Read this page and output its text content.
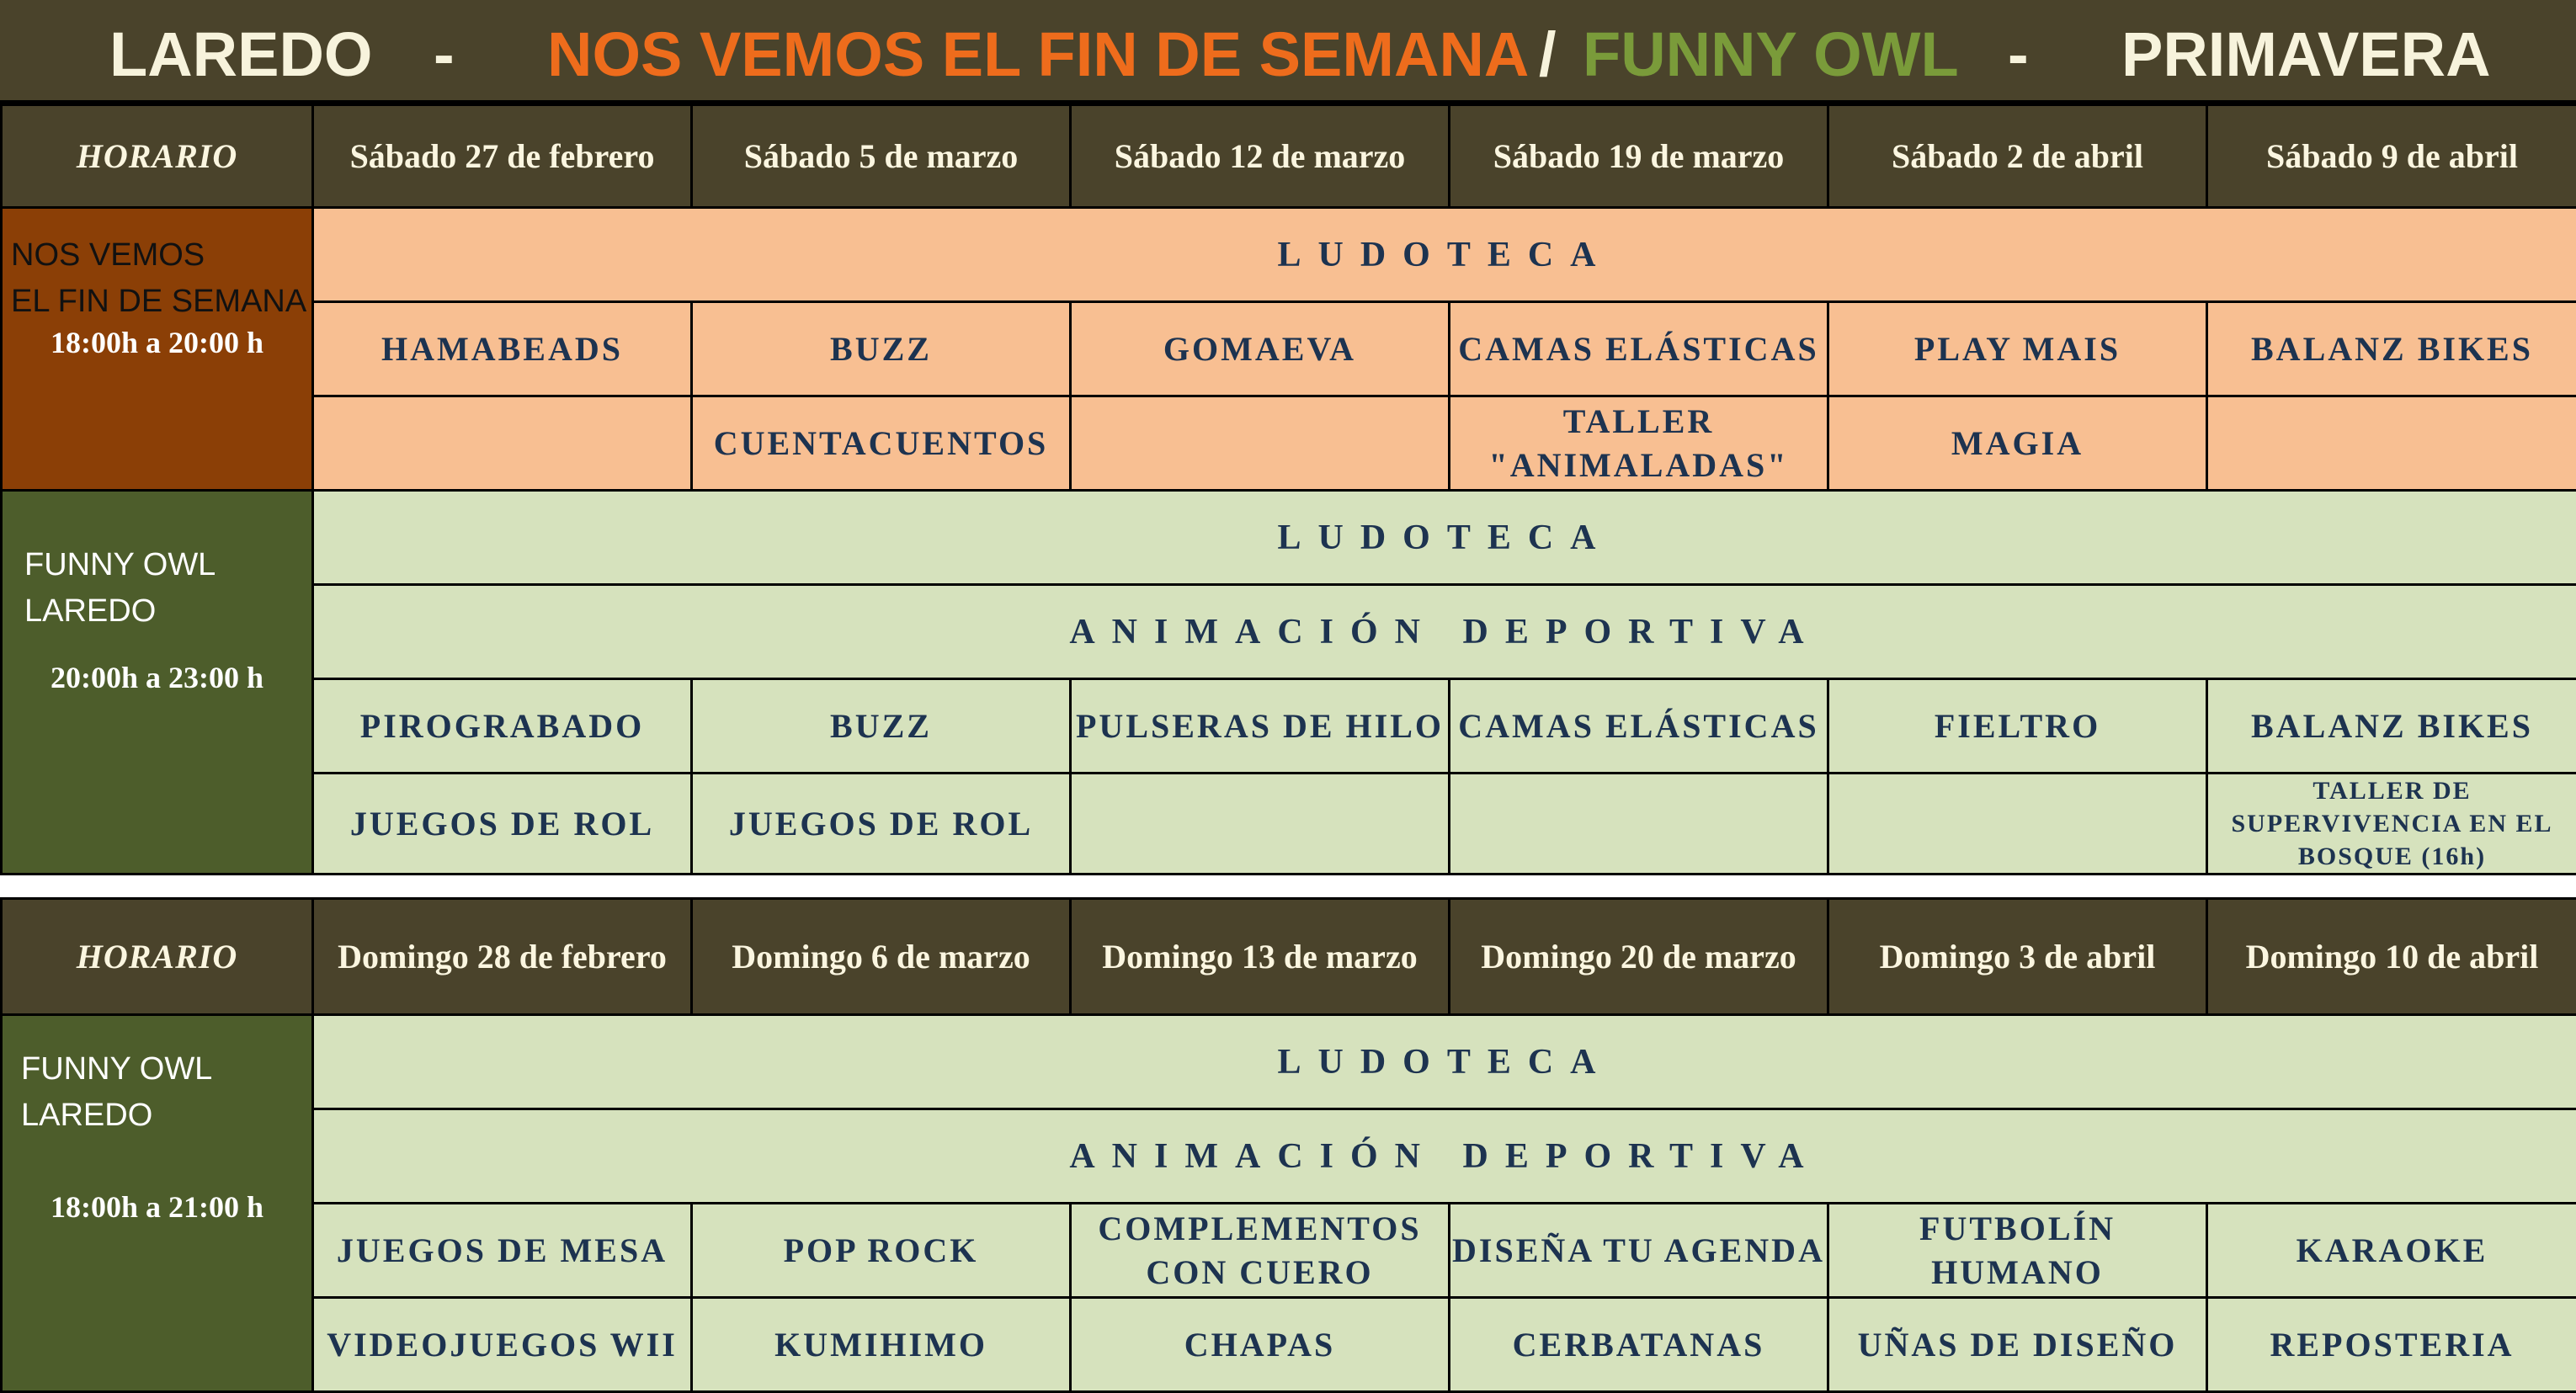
LAREDO - NOS VEMOS EL FIN DE SEMANA / FUNNY OWL - PRIMAVERA
HORARIO	Sábado 27 de febrero	Sábado 5 de marzo	Sábado 12 de marzo	Sábado 19 de marzo	Sábado 2 de abril	Sábado 9 de abril

NOS VEMOS
EL FIN DE SEMANA
18:00h a 20:00 h	LUDOTECA					
	HAMABEADS	BUZZ	GOMAEVA	CAMAS ELÁSTICAS	PLAY MAIS	BALANZ BIKES
		CUENTACUENTOS		TALLER "ANIMALADAS"	MAGIA	

FUNNY OWL
LAREDO
20:00h a 23:00 h	LUDOTECA					
	ANIMACIÓN DEPORTIVA					
	PIROGRABADO	BUZZ	PULSERAS DE HILO	CAMAS ELÁSTICAS	FIELTRO	BALANZ BIKES
	JUEGOS DE ROL	JUEGOS DE ROL				TALLER DE SUPERVIVENCIA EN EL BOSQUE (16h)
HORARIO	Domingo 28 de febrero	Domingo 6 de marzo	Domingo 13 de marzo	Domingo 20 de marzo	Domingo 3 de abril	Domingo 10 de abril

FUNNY OWL
LAREDO
18:00h a 21:00 h	LUDOTECA					
	ANIMACIÓN DEPORTIVA					
	JUEGOS DE MESA	POP ROCK	COMPLEMENTOS CON CUERO	DISEÑA TU AGENDA	FUTBOLÍN HUMANO	KARAOKE
	VIDEOJUEGOS WII	KUMIHIMO	CHAPAS	CERBATANAS	UÑAS DE DISEÑO	REPOSTERIA
